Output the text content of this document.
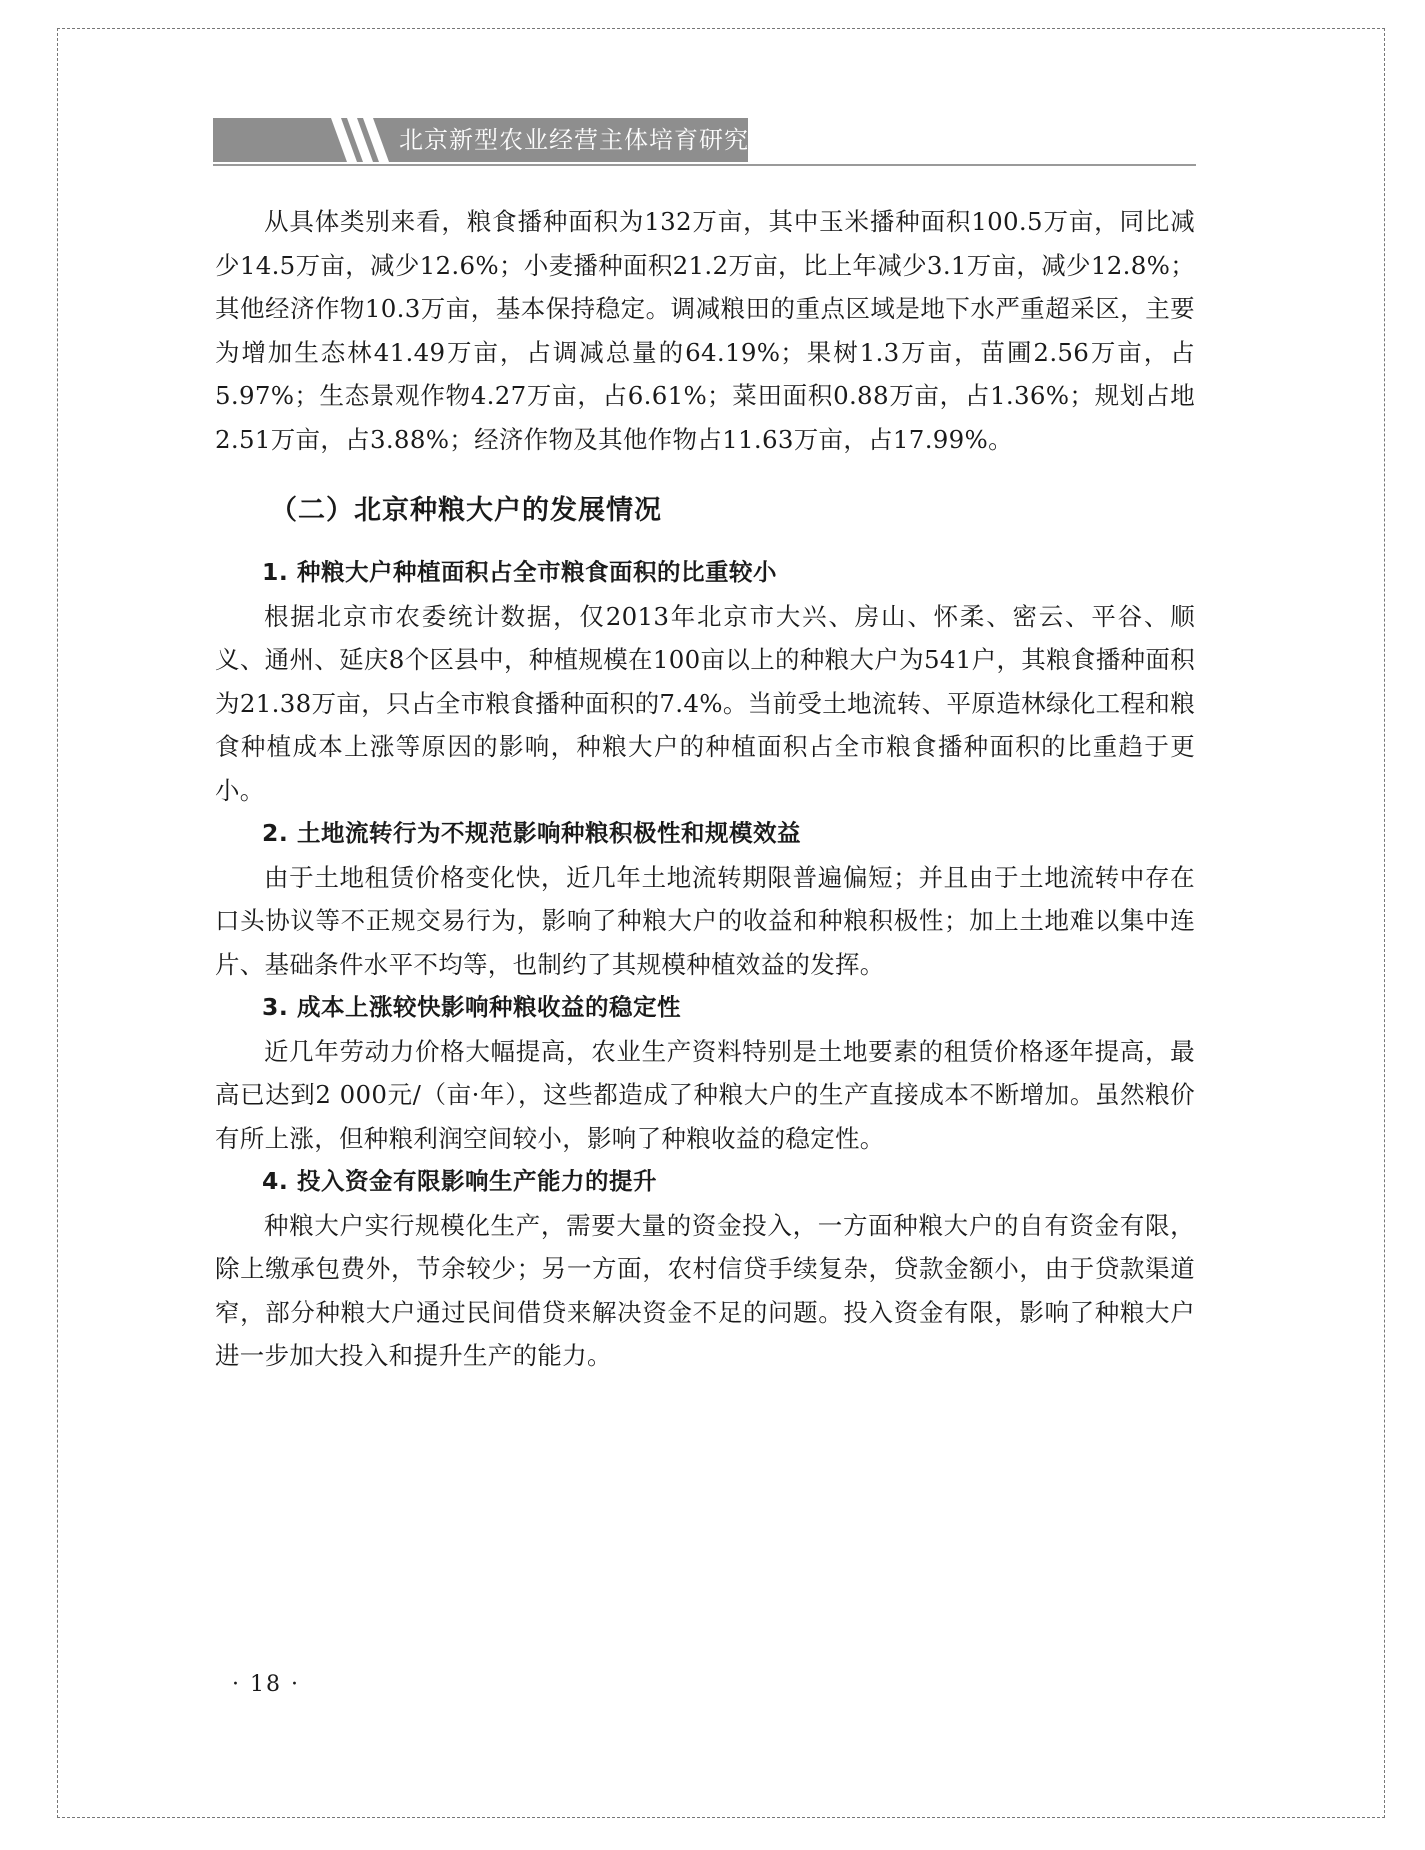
北京新型农业经营主体培育研究

从具体类别来看，粮食播种面积为132万亩，其中玉米播种面积100.5万亩，同比减少14.5万亩，减少12.6%；小麦播种面积21.2万亩，比上年减少3.1万亩，减少12.8%；其他经济作物10.3万亩，基本保持稳定。调减粮田的重点区域是地下水严重超采区，主要为增加生态林41.49万亩，占调减总量的64.19%；果树1.3万亩，苗圃2.56万亩，占5.97%；生态景观作物4.27万亩，占6.61%；菜田面积0.88万亩，占1.36%；规划占地2.51万亩，占3.88%；经济作物及其他作物占11.63万亩，占17.99%。

（二）北京种粮大户的发展情况

1. 种粮大户种植面积占全市粮食面积的比重较小

根据北京市农委统计数据，仅2013年北京市大兴、房山、怀柔、密云、平谷、顺义、通州、延庆8个区县中，种植规模在100亩以上的种粮大户为541户，其粮食播种面积为21.38万亩，只占全市粮食播种面积的7.4%。当前受土地流转、平原造林绿化工程和粮食种植成本上涨等原因的影响，种粮大户的种植面积占全市粮食播种面积的比重趋于更小。

2. 土地流转行为不规范影响种粮积极性和规模效益

由于土地租赁价格变化快，近几年土地流转期限普遍偏短；并且由于土地流转中存在口头协议等不正规交易行为，影响了种粮大户的收益和种粮积极性；加上土地难以集中连片、基础条件水平不均等，也制约了其规模种植效益的发挥。

3. 成本上涨较快影响种粮收益的稳定性

近几年劳动力价格大幅提高，农业生产资料特别是土地要素的租赁价格逐年提高，最高已达到2 000元/（亩·年），这些都造成了种粮大户的生产直接成本不断增加。虽然粮价有所上涨，但种粮利润空间较小，影响了种粮收益的稳定性。

4. 投入资金有限影响生产能力的提升

种粮大户实行规模化生产，需要大量的资金投入，一方面种粮大户的自有资金有限，除上缴承包费外，节余较少；另一方面，农村信贷手续复杂，贷款金额小，由于贷款渠道窄，部分种粮大户通过民间借贷来解决资金不足的问题。投入资金有限，影响了种粮大户进一步加大投入和提升生产的能力。

· 18 ·
